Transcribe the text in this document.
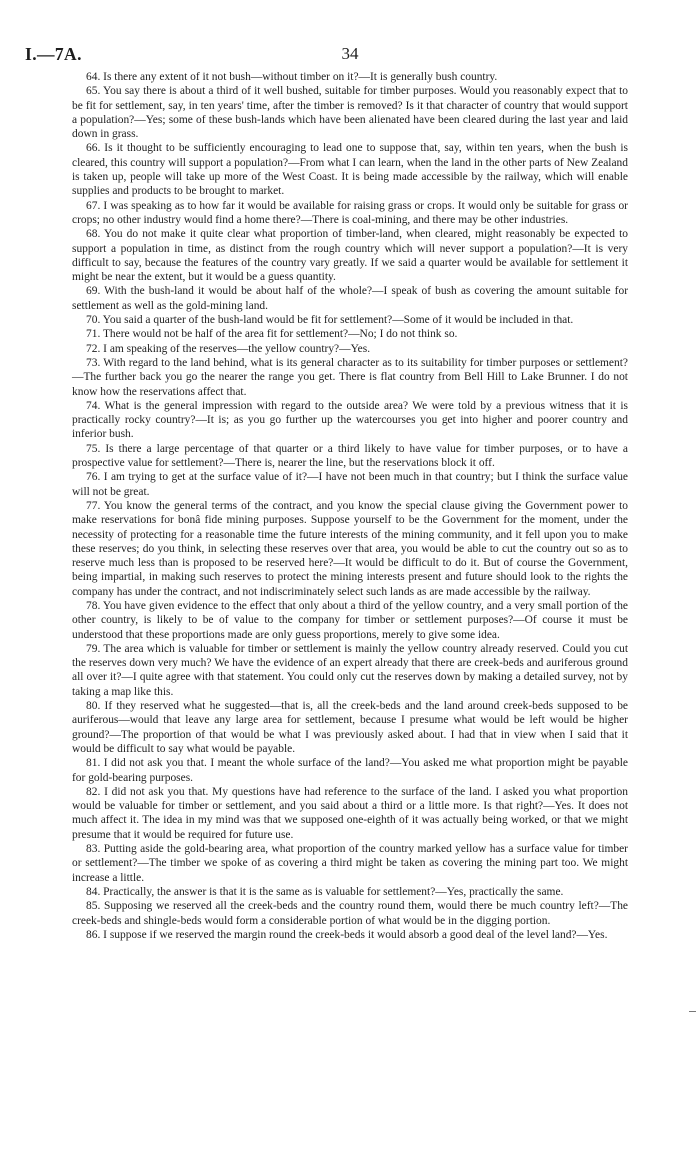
I.—7A.	34

64. Is there any extent of it not bush—without timber on it?—It is generally bush country.

65. You say there is about a third of it well bushed, suitable for timber purposes. Would you reasonably expect that to be fit for settlement, say, in ten years' time, after the timber is removed? Is it that character of country that would support a population?—Yes; some of these bush-lands which have been alienated have been cleared during the last year and laid down in grass.

66. Is it thought to be sufficiently encouraging to lead one to suppose that, say, within ten years, when the bush is cleared, this country will support a population?—From what I can learn, when the land in the other parts of New Zealand is taken up, people will take up more of the West Coast. It is being made accessible by the railway, which will enable supplies and products to be brought to market.

67. I was speaking as to how far it would be available for raising grass or crops. It would only be suitable for grass or crops; no other industry would find a home there?—There is coal-mining, and there may be other industries.

68. You do not make it quite clear what proportion of timber-land, when cleared, might reasonably be expected to support a population in time, as distinct from the rough country which will never support a population?—It is very difficult to say, because the features of the country vary greatly. If we said a quarter would be available for settlement it might be near the extent, but it would be a guess quantity.

69. With the bush-land it would be about half of the whole?—I speak of bush as covering the amount suitable for settlement as well as the gold-mining land.

70. You said a quarter of the bush-land would be fit for settlement?—Some of it would be included in that.

71. There would not be half of the area fit for settlement?—No; I do not think so.

72. I am speaking of the reserves—the yellow country?—Yes.

73. With regard to the land behind, what is its general character as to its suitability for timber purposes or settlement?—The further back you go the nearer the range you get. There is flat country from Bell Hill to Lake Brunner. I do not know how the reservations affect that.

74. What is the general impression with regard to the outside area? We were told by a previous witness that it is practically rocky country?—It is; as you go further up the watercourses you get into higher and poorer country and inferior bush.

75. Is there a large percentage of that quarter or a third likely to have value for timber purposes, or to have a prospective value for settlement?—There is, nearer the line, but the reservations block it off.

76. I am trying to get at the surface value of it?—I have not been much in that country; but I think the surface value will not be great.

77. You know the general terms of the contract, and you know the special clause giving the Government power to make reservations for bonâ fide mining purposes. Suppose yourself to be the Government for the moment, under the necessity of protecting for a reasonable time the future interests of the mining community, and it fell upon you to make these reserves; do you think, in selecting these reserves over that area, you would be able to cut the country out so as to reserve much less than is proposed to be reserved here?—It would be difficult to do it. But of course the Government, being impartial, in making such reserves to protect the mining interests present and future should look to the rights the company has under the contract, and not indiscriminately select such lands as are made accessible by the railway.

78. You have given evidence to the effect that only about a third of the yellow country, and a very small portion of the other country, is likely to be of value to the company for timber or settlement purposes?—Of course it must be understood that these proportions made are only guess proportions, merely to give some idea.

79. The area which is valuable for timber or settlement is mainly the yellow country already reserved. Could you cut the reserves down very much? We have the evidence of an expert already that there are creek-beds and auriferous ground all over it?—I quite agree with that statement. You could only cut the reserves down by making a detailed survey, not by taking a map like this.

80. If they reserved what he suggested—that is, all the creek-beds and the land around creek-beds supposed to be auriferous—would that leave any large area for settlement, because I presume what would be left would be higher ground?—The proportion of that would be what I was previously asked about. I had that in view when I said that it would be difficult to say what would be payable.

81. I did not ask you that. I meant the whole surface of the land?—You asked me what proportion might be payable for gold-bearing purposes.

82. I did not ask you that. My questions have had reference to the surface of the land. I asked you what proportion would be valuable for timber or settlement, and you said about a third or a little more. Is that right?—Yes. It does not much affect it. The idea in my mind was that we supposed one-eighth of it was actually being worked, or that we might presume that it would be required for future use.

83. Putting aside the gold-bearing area, what proportion of the country marked yellow has a surface value for timber or settlement?—The timber we spoke of as covering a third might be taken as covering the mining part too. We might increase a little.

84. Practically, the answer is that it is the same as is valuable for settlement?—Yes, practically the same.

85. Supposing we reserved all the creek-beds and the country round them, would there be much country left?—The creek-beds and shingle-beds would form a considerable portion of what would be in the digging portion.

86. I suppose if we reserved the margin round the creek-beds it would absorb a good deal of the level land?—Yes.
